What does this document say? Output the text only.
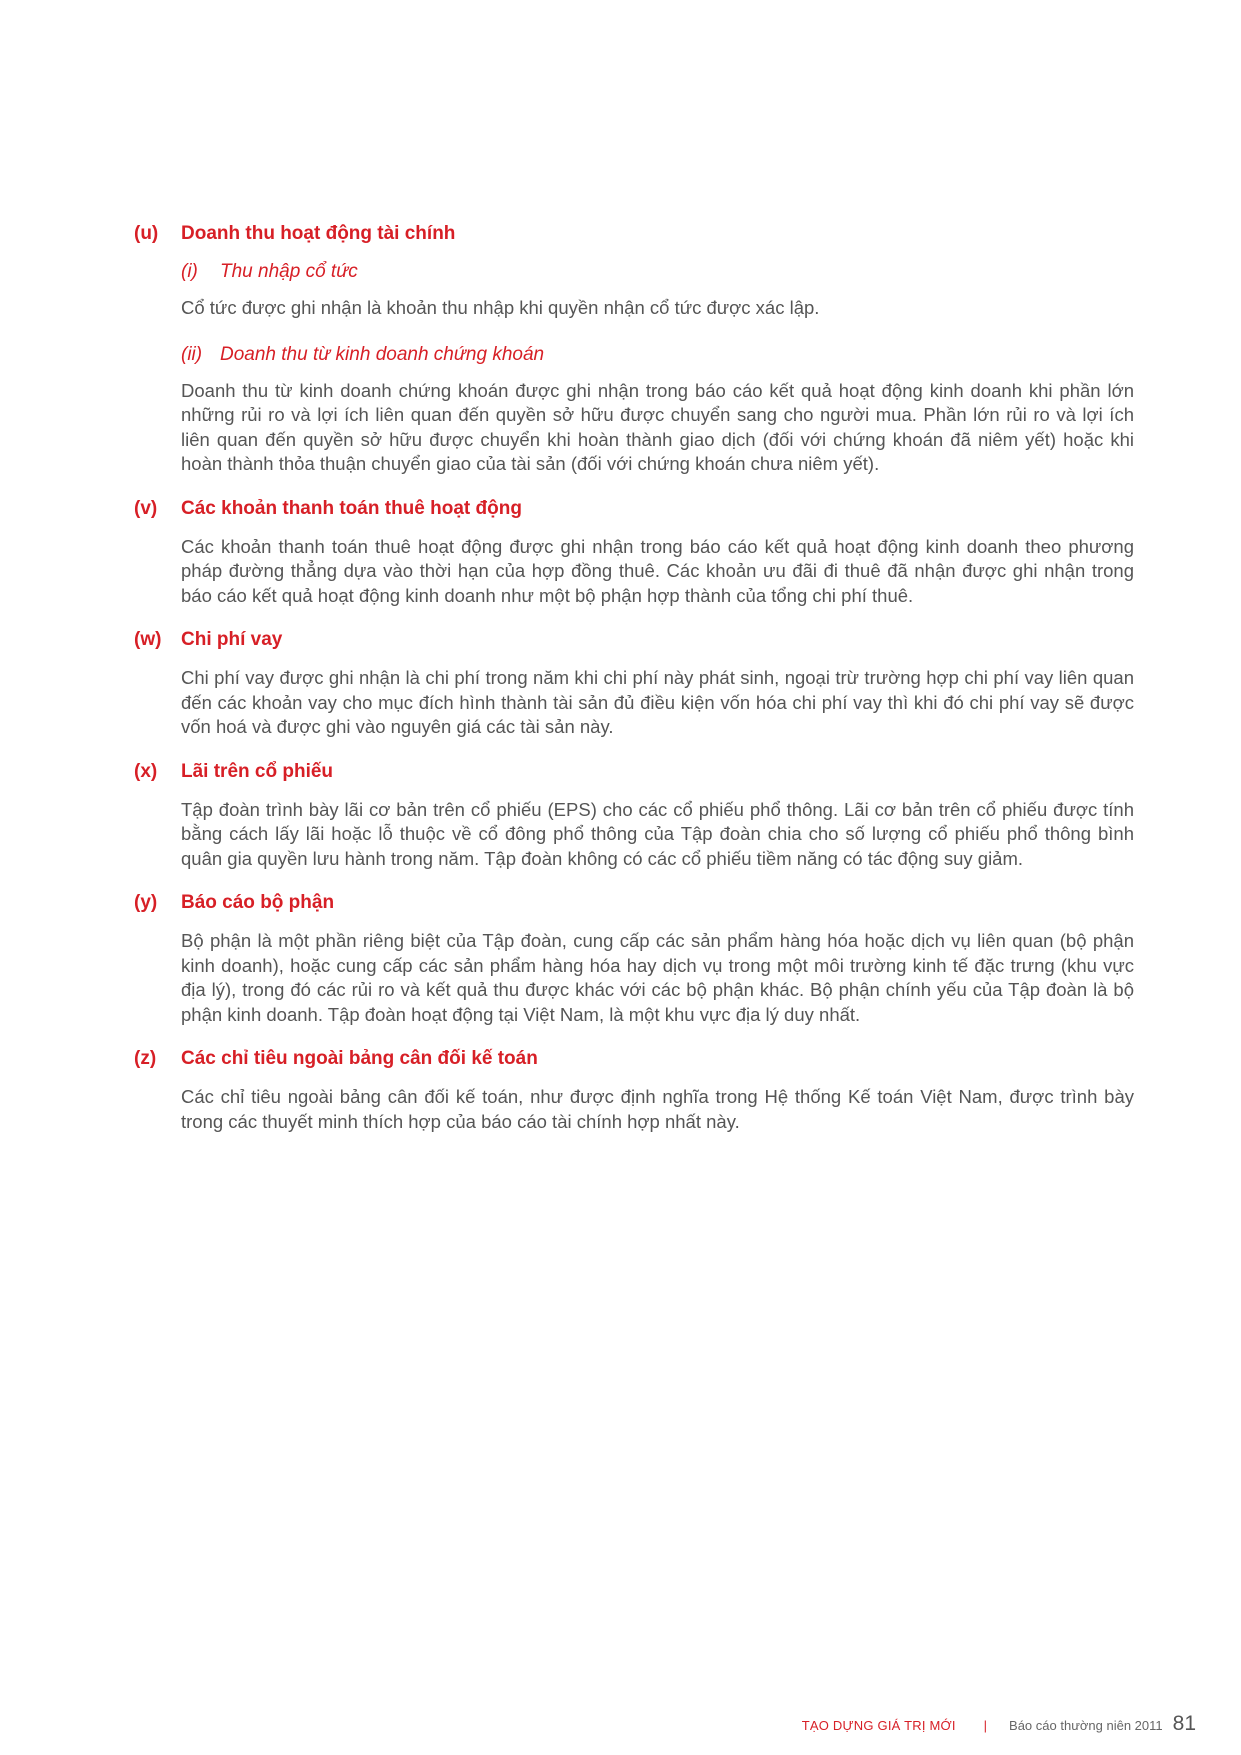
(u)	Doanh thu hoạt động tài chính
(i)	Thu nhập cổ tức
Cổ tức được ghi nhận là khoản thu nhập khi quyền nhận cổ tức được xác lập.
(ii) Doanh thu từ kinh doanh chứng khoán
Doanh thu từ kinh doanh chứng khoán được ghi nhận trong báo cáo kết quả hoạt động kinh doanh khi phần lớn những rủi ro và lợi ích liên quan đến quyền sở hữu được chuyển sang cho người mua. Phần lớn rủi ro và lợi ích liên quan đến quyền sở hữu được chuyển khi hoàn thành giao dịch (đối với chứng khoán đã niêm yết) hoặc khi hoàn thành thỏa thuận chuyển giao của tài sản (đối với chứng khoán chưa niêm yết).
(v)	Các khoản thanh toán thuê hoạt động
Các khoản thanh toán thuê hoạt động được ghi nhận trong báo cáo kết quả hoạt động kinh doanh theo phương pháp đường thẳng dựa vào thời hạn của hợp đồng thuê. Các khoản ưu đãi đi thuê đã nhận được ghi nhận trong báo cáo kết quả hoạt động kinh doanh như một bộ phận hợp thành của tổng chi phí thuê.
(w)	Chi phí vay
Chi phí vay được ghi nhận là chi phí trong năm khi chi phí này phát sinh, ngoại trừ trường hợp chi phí vay liên quan đến các khoản vay cho mục đích hình thành tài sản đủ điều kiện vốn hóa chi phí vay thì khi đó chi phí vay sẽ được vốn hoá và được ghi vào nguyên giá các tài sản này.
(x)	Lãi trên cổ phiếu
Tập đoàn trình bày lãi cơ bản trên cổ phiếu (EPS) cho các cổ phiếu phổ thông. Lãi cơ bản trên cổ phiếu được tính bằng cách lấy lãi hoặc lỗ thuộc về cổ đông phổ thông của Tập đoàn chia cho số lượng cổ phiếu phổ thông bình quân gia quyền lưu hành trong năm. Tập đoàn không có các cổ phiếu tiềm năng có tác động suy giảm.
(y)	Báo cáo bộ phận
Bộ phận là một phần riêng biệt của Tập đoàn, cung cấp các sản phẩm hàng hóa hoặc dịch vụ liên quan (bộ phận kinh doanh), hoặc cung cấp các sản phẩm hàng hóa hay dịch vụ trong một môi trường kinh tế đặc trưng (khu vực địa lý), trong đó các rủi ro và kết quả thu được khác với các bộ phận khác. Bộ phận chính yếu của Tập đoàn là bộ phận kinh doanh. Tập đoàn hoạt động tại Việt Nam, là một khu vực địa lý duy nhất.
(z)	Các chỉ tiêu ngoài bảng cân đối kế toán
Các chỉ tiêu ngoài bảng cân đối kế toán, như được định nghĩa trong Hệ thống Kế toán Việt Nam, được trình bày trong các thuyết minh thích hợp của báo cáo tài chính hợp nhất này.
TẠO DỰNG GIÁ TRỊ MỚI | Báo cáo thường niên 2011 81
